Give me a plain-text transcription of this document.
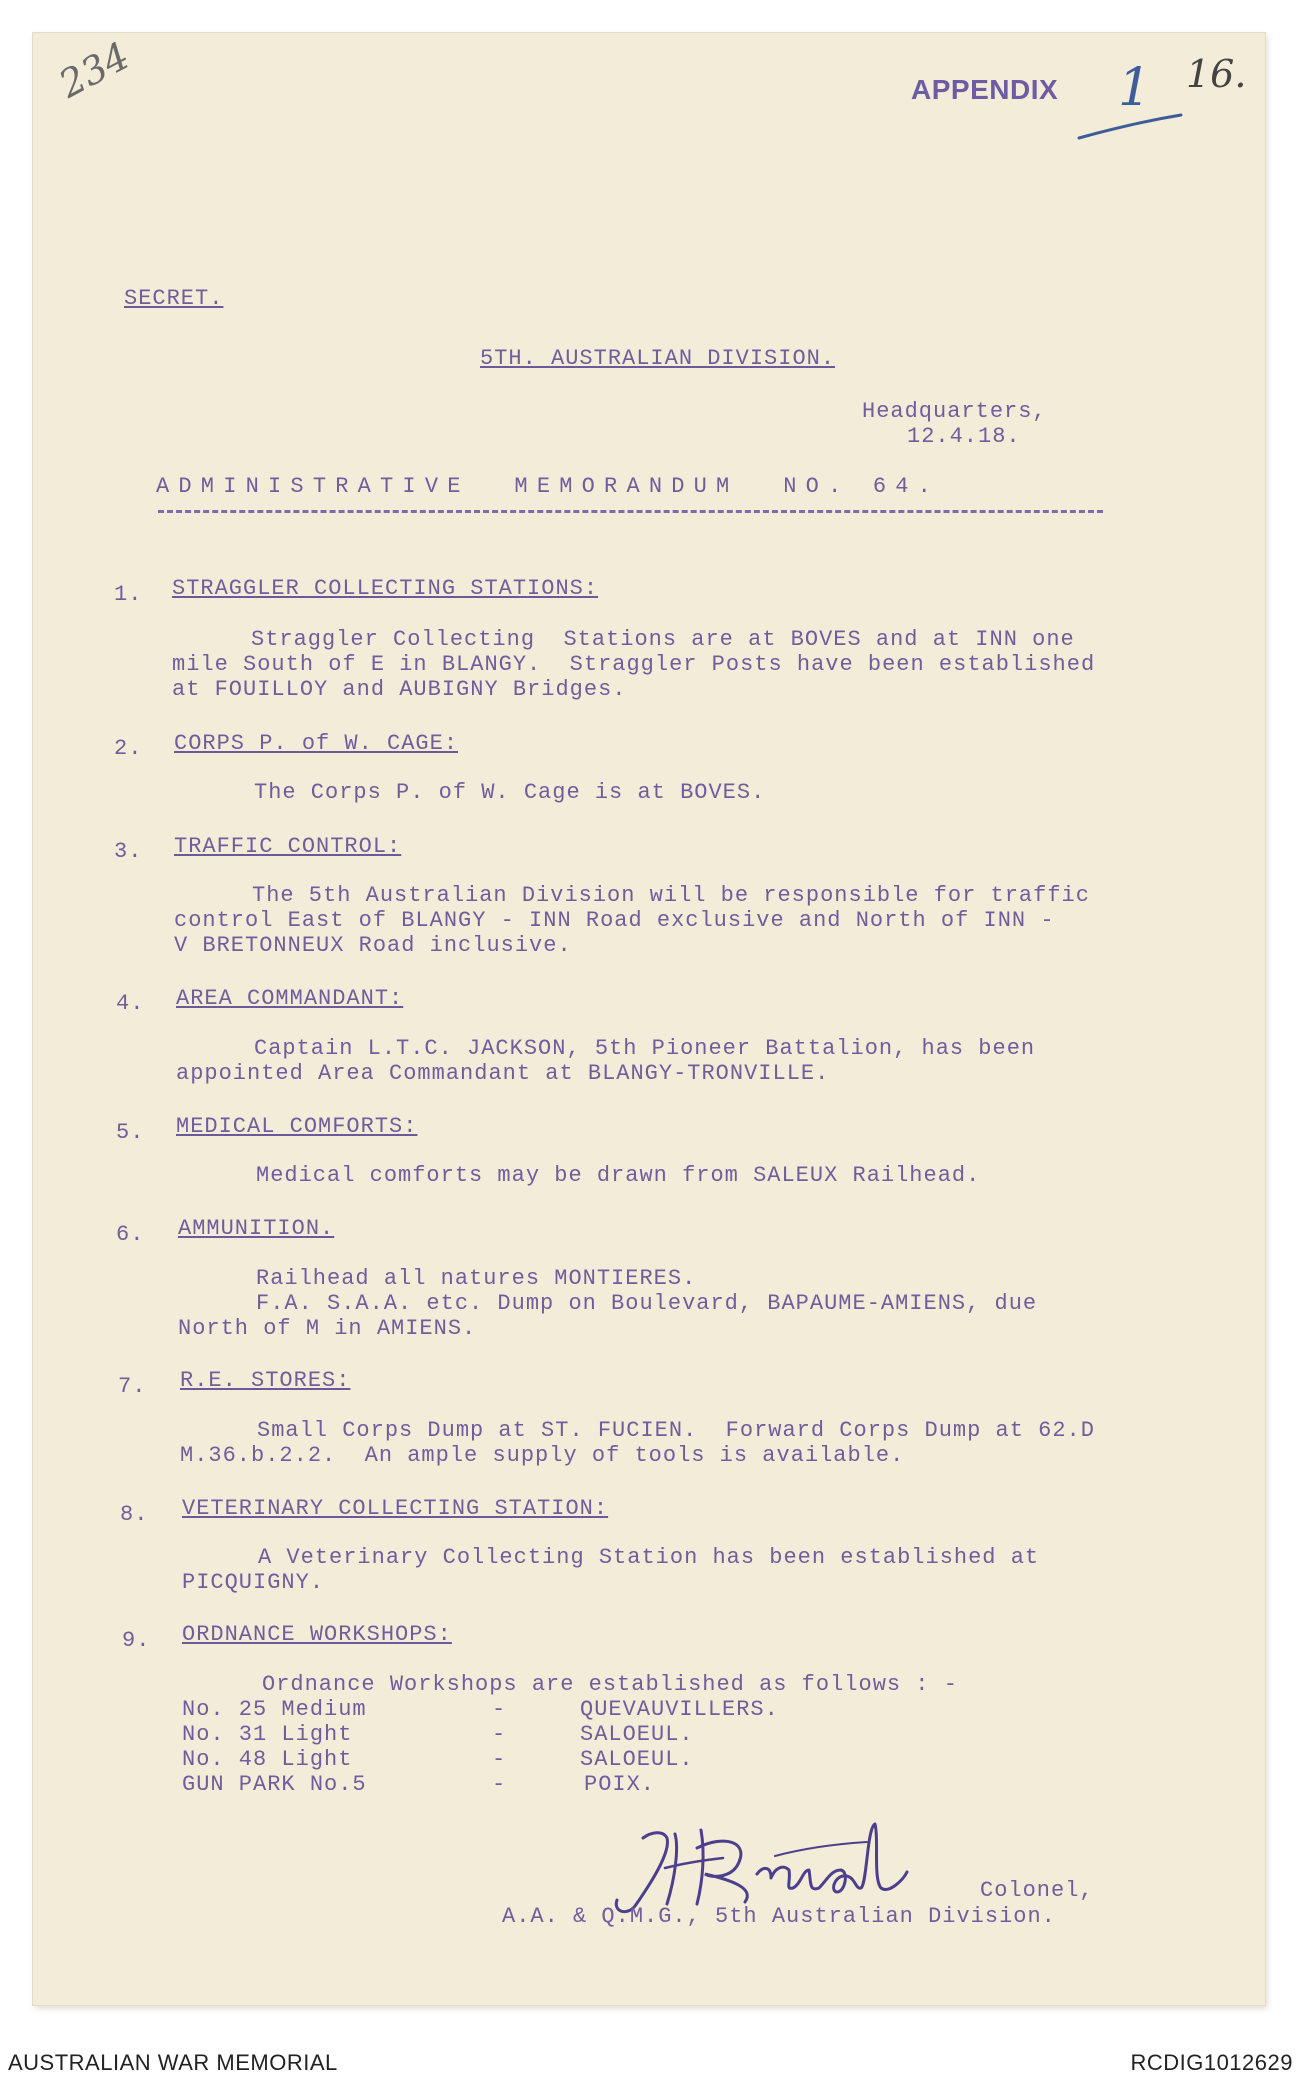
234	APPENDIX 1 16.
SECRET.
5TH. AUSTRALIAN DIVISION.
Headquarters,
12.4.18.
ADMINISTRATIVE  MEMORANDUM  NO. 64.
1. STRAGGLER COLLECTING STATIONS:
Straggler Collecting  Stations are at BOVES and at INN one
mile South of E in BLANGY.  Straggler Posts have been established
at FOUILLOY and AUBIGNY Bridges.
2. CORPS P. of W. CAGE:
The Corps P. of W. Cage is at BOVES.
3. TRAFFIC CONTROL:
The 5th Australian Division will be responsible for traffic
control East of BLANGY - INN Road exclusive and North of INN -
V BRETONNEUX Road inclusive.
4. AREA COMMANDANT:
Captain L.T.C. JACKSON, 5th Pioneer Battalion, has been
appointed Area Commandant at BLANGY-TRONVILLE.
5. MEDICAL COMFORTS:
Medical comforts may be drawn from SALEUX Railhead.
6. AMMUNITION.
Railhead all natures MONTIERES.
F.A. S.A.A. etc. Dump on Boulevard, BAPAUME-AMIENS, due
North of M in AMIENS.
7. R.E. STORES:
Small Corps Dump at ST. FUCIEN.  Forward Corps Dump at 62.D
M.36.b.2.2.  An ample supply of tools is available.
8. VETERINARY COLLECTING STATION:
A Veterinary Collecting Station has been established at
PICQUIGNY.
9. ORDNANCE WORKSHOPS:
Ordnance Workshops are established as follows : -
No. 25 Medium	-	QUEVAUVILLERS.
No. 31 Light	-	SALOEUL.
No. 48 Light	-	SALOEUL.
GUN PARK No.5	-	POIX.
Colonel,
A.A. & Q.M.G., 5th Australian Division.
AUSTRALIAN WAR MEMORIAL	RCDIG1012629
